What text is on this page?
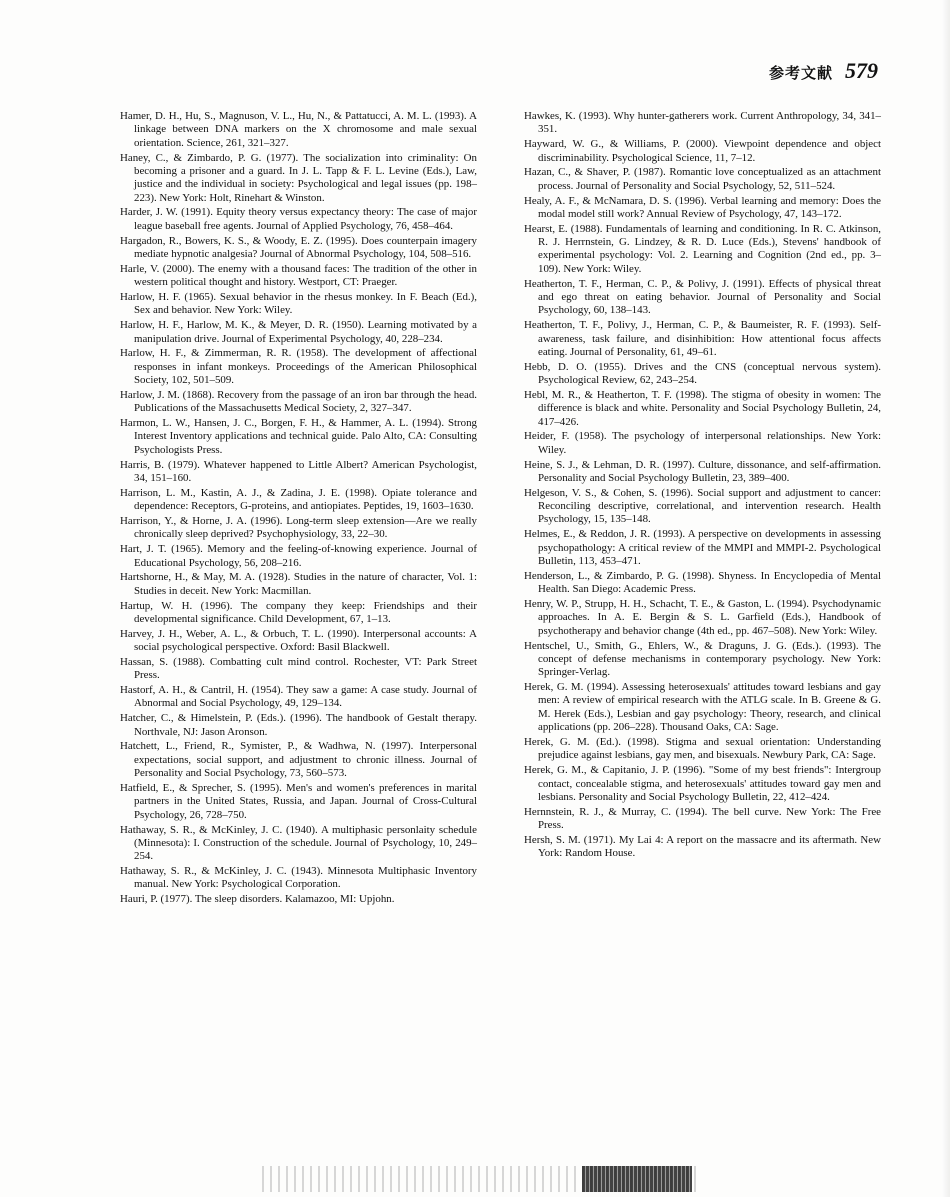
参考文献 579

Hamer, D. H., Hu, S., Magnuson, V. L., Hu, N., & Pattatucci, A. M. L. (1993). A linkage between DNA markers on the X chromosome and male sexual orientation. Science, 261, 321–327.

Haney, C., & Zimbardo, P. G. (1977). The socialization into criminality: On becoming a prisoner and a guard. In J. L. Tapp & F. L. Levine (Eds.), Law, justice and the individual in society: Psychological and legal issues (pp. 198–223). New York: Holt, Rinehart & Winston.

Harder, J. W. (1991). Equity theory versus expectancy theory: The case of major league baseball free agents. Journal of Applied Psychology, 76, 458–464.

Hargadon, R., Bowers, K. S., & Woody, E. Z. (1995). Does counterpain imagery mediate hypnotic analgesia? Journal of Abnormal Psychology, 104, 508–516.

Harle, V. (2000). The enemy with a thousand faces: The tradition of the other in western political thought and history. Westport, CT: Praeger.

Harlow, H. F. (1965). Sexual behavior in the rhesus monkey. In F. Beach (Ed.), Sex and behavior. New York: Wiley.

Harlow, H. F., Harlow, M. K., & Meyer, D. R. (1950). Learning motivated by a manipulation drive. Journal of Experimental Psychology, 40, 228–234.

Harlow, H. F., & Zimmerman, R. R. (1958). The development of affectional responses in infant monkeys. Proceedings of the American Philosophical Society, 102, 501–509.

Harlow, J. M. (1868). Recovery from the passage of an iron bar through the head. Publications of the Massachusetts Medical Society, 2, 327–347.

Harmon, L. W., Hansen, J. C., Borgen, F. H., & Hammer, A. L. (1994). Strong Interest Inventory applications and technical guide. Palo Alto, CA: Consulting Psychologists Press.

Harris, B. (1979). Whatever happened to Little Albert? American Psychologist, 34, 151–160.

Harrison, L. M., Kastin, A. J., & Zadina, J. E. (1998). Opiate tolerance and dependence: Receptors, G-proteins, and antiopiates. Peptides, 19, 1603–1630.

Harrison, Y., & Horne, J. A. (1996). Long-term sleep extension—Are we really chronically sleep deprived? Psychophysiology, 33, 22–30.

Hart, J. T. (1965). Memory and the feeling-of-knowing experience. Journal of Educational Psychology, 56, 208–216.

Hartshorne, H., & May, M. A. (1928). Studies in the nature of character, Vol. 1: Studies in deceit. New York: Macmillan.

Hartup, W. H. (1996). The company they keep: Friendships and their developmental significance. Child Development, 67, 1–13.

Harvey, J. H., Weber, A. L., & Orbuch, T. L. (1990). Interpersonal accounts: A social psychological perspective. Oxford: Basil Blackwell.

Hassan, S. (1988). Combatting cult mind control. Rochester, VT: Park Street Press.

Hastorf, A. H., & Cantril, H. (1954). They saw a game: A case study. Journal of Abnormal and Social Psychology, 49, 129–134.

Hatcher, C., & Himelstein, P. (Eds.). (1996). The handbook of Gestalt therapy. Northvale, NJ: Jason Aronson.

Hatchett, L., Friend, R., Symister, P., & Wadhwa, N. (1997). Interpersonal expectations, social support, and adjustment to chronic illness. Journal of Personality and Social Psychology, 73, 560–573.

Hatfield, E., & Sprecher, S. (1995). Men's and women's preferences in marital partners in the United States, Russia, and Japan. Journal of Cross-Cultural Psychology, 26, 728–750.

Hathaway, S. R., & McKinley, J. C. (1940). A multiphasic personlaity schedule (Minnesota): I. Construction of the schedule. Journal of Psychology, 10, 249–254.

Hathaway, S. R., & McKinley, J. C. (1943). Minnesota Multiphasic Inventory manual. New York: Psychological Corporation.

Hauri, P. (1977). The sleep disorders. Kalamazoo, MI: Upjohn.

Hawkes, K. (1993). Why hunter-gatherers work. Current Anthropology, 34, 341–351.

Hayward, W. G., & Williams, P. (2000). Viewpoint dependence and object discriminability. Psychological Science, 11, 7–12.

Hazan, C., & Shaver, P. (1987). Romantic love conceptualized as an attachment process. Journal of Personality and Social Psychology, 52, 511–524.

Healy, A. F., & McNamara, D. S. (1996). Verbal learning and memory: Does the modal model still work? Annual Review of Psychology, 47, 143–172.

Hearst, E. (1988). Fundamentals of learning and conditioning. In R. C. Atkinson, R. J. Herrnstein, G. Lindzey, & R. D. Luce (Eds.), Stevens' handbook of experimental psychology: Vol. 2. Learning and Cognition (2nd ed., pp. 3–109). New York: Wiley.

Heatherton, T. F., Herman, C. P., & Polivy, J. (1991). Effects of physical threat and ego threat on eating behavior. Journal of Personality and Social Psychology, 60, 138–143.

Heatherton, T. F., Polivy, J., Herman, C. P., & Baumeister, R. F. (1993). Self-awareness, task failure, and disinhibition: How attentional focus affects eating. Journal of Personality, 61, 49–61.

Hebb, D. O. (1955). Drives and the CNS (conceptual nervous system). Psychological Review, 62, 243–254.

Hebl, M. R., & Heatherton, T. F. (1998). The stigma of obesity in women: The difference is black and white. Personality and Social Psychology Bulletin, 24, 417–426.

Heider, F. (1958). The psychology of interpersonal relationships. New York: Wiley.

Heine, S. J., & Lehman, D. R. (1997). Culture, dissonance, and self-affirmation. Personality and Social Psychology Bulletin, 23, 389–400.

Helgeson, V. S., & Cohen, S. (1996). Social support and adjustment to cancer: Reconciling descriptive, correlational, and intervention research. Health Psychology, 15, 135–148.

Helmes, E., & Reddon, J. R. (1993). A perspective on developments in assessing psychopathology: A critical review of the MMPI and MMPI-2. Psychological Bulletin, 113, 453–471.

Henderson, L., & Zimbardo, P. G. (1998). Shyness. In Encyclopedia of Mental Health. San Diego: Academic Press.

Henry, W. P., Strupp, H. H., Schacht, T. E., & Gaston, L. (1994). Psychodynamic approaches. In A. E. Bergin & S. L. Garfield (Eds.), Handbook of psychotherapy and behavior change (4th ed., pp. 467–508). New York: Wiley.

Hentschel, U., Smith, G., Ehlers, W., & Draguns, J. G. (Eds.). (1993). The concept of defense mechanisms in contemporary psychology. New York: Springer-Verlag.

Herek, G. M. (1994). Assessing heterosexuals' attitudes toward lesbians and gay men: A review of empirical research with the ATLG scale. In B. Greene & G. M. Herek (Eds.), Lesbian and gay psychology: Theory, research, and clinical applications (pp. 206–228). Thousand Oaks, CA: Sage.

Herek, G. M. (Ed.). (1998). Stigma and sexual orientation: Understanding prejudice against lesbians, gay men, and bisexuals. Newbury Park, CA: Sage.

Herek, G. M., & Capitanio, J. P. (1996). "Some of my best friends": Intergroup contact, concealable stigma, and heterosexuals' attitudes toward gay men and lesbians. Personality and Social Psychology Bulletin, 22, 412–424.

Hernnstein, R. J., & Murray, C. (1994). The bell curve. New York: The Free Press.

Hersh, S. M. (1971). My Lai 4: A report on the massacre and its aftermath. New York: Random House.
